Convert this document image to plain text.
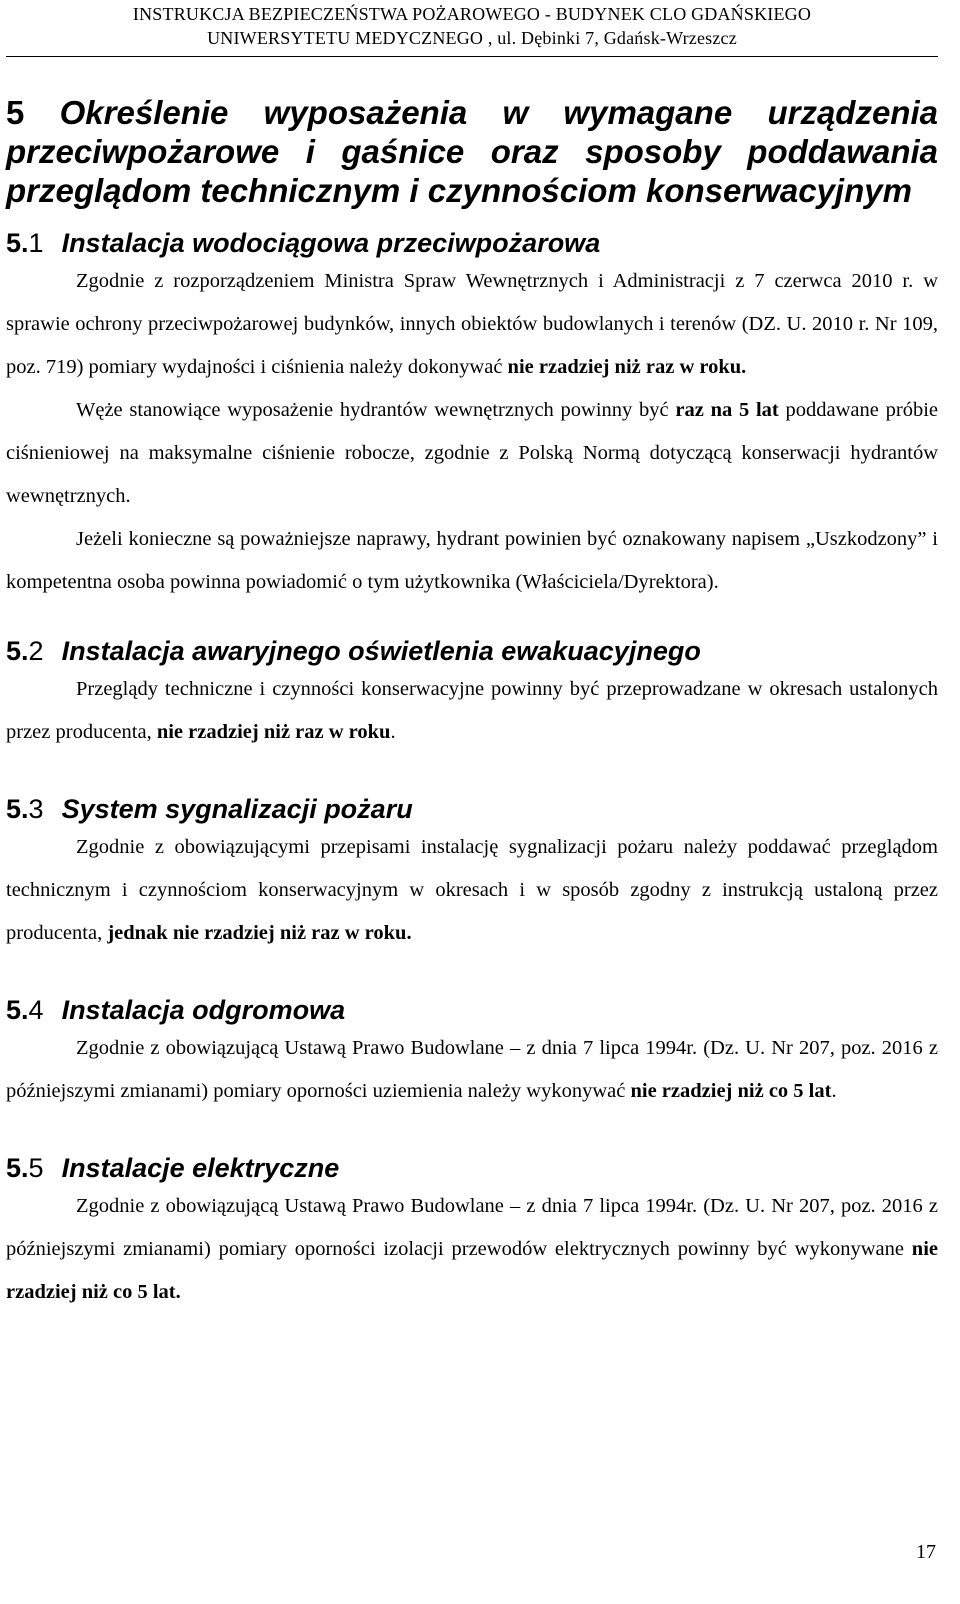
INSTRUKCJA BEZPIECZEŃSTWA POŻAROWEGO - BUDYNEK CLO GDAŃSKIEGO
UNIWERSYTETU MEDYCZNEGO , ul. Dębinki 7, Gdańsk-Wrzeszcz
5 Określenie wyposażenia w wymagane urządzenia przeciwpożarowe i gaśnice oraz sposoby poddawania przeglądom technicznym i czynnościom konserwacyjnym
5.1 Instalacja wodociągowa przeciwpożarowa

Zgodnie z rozporządzeniem Ministra Spraw Wewnętrznych i Administracji z 7 czerwca 2010 r. w sprawie ochrony przeciwpożarowej budynków, innych obiektów budowlanych i terenów (DZ. U. 2010 r. Nr 109, poz. 719) pomiary wydajności i ciśnienia należy dokonywać nie rzadziej niż raz w roku.

Węże stanowiące wyposażenie hydrantów wewnętrznych powinny być raz na 5 lat poddawane próbie ciśnieniowej na maksymalne ciśnienie robocze, zgodnie z Polską Normą dotyczącą konserwacji hydrantów wewnętrznych.

Jeżeli konieczne są poważniejsze naprawy, hydrant powinien być oznakowany napisem „Uszkodzony” i kompetentna osoba powinna powiadomić o tym użytkownika (Właściciela/Dyrektora).

5.2 Instalacja awaryjnego oświetlenia ewakuacyjnego

Przeglądy techniczne i czynności konserwacyjne powinny być przeprowadzane w okresach ustalonych przez producenta, nie rzadziej niż raz w roku.

5.3 System sygnalizacji pożaru

Zgodnie z obowiązującymi przepisami instalację sygnalizacji pożaru należy poddawać przeglądom technicznym i czynnościom konserwacyjnym w okresach i w sposób zgodny z instrukcją ustaloną przez producenta, jednak nie rzadziej niż raz w roku.

5.4 Instalacja odgromowa

Zgodnie z obowiązującą Ustawą Prawo Budowlane – z dnia 7 lipca 1994r. (Dz. U. Nr 207, poz. 2016 z późniejszymi zmianami) pomiary oporności uziemienia należy wykonywać nie rzadziej niż co 5 lat.

5.5 Instalacje elektryczne

Zgodnie z obowiązującą Ustawą Prawo Budowlane – z dnia 7 lipca 1994r. (Dz. U. Nr 207, poz. 2016 z późniejszymi zmianami) pomiary oporności izolacji przewodów elektrycznych powinny być wykonywane nie rzadziej niż co 5 lat.

17
